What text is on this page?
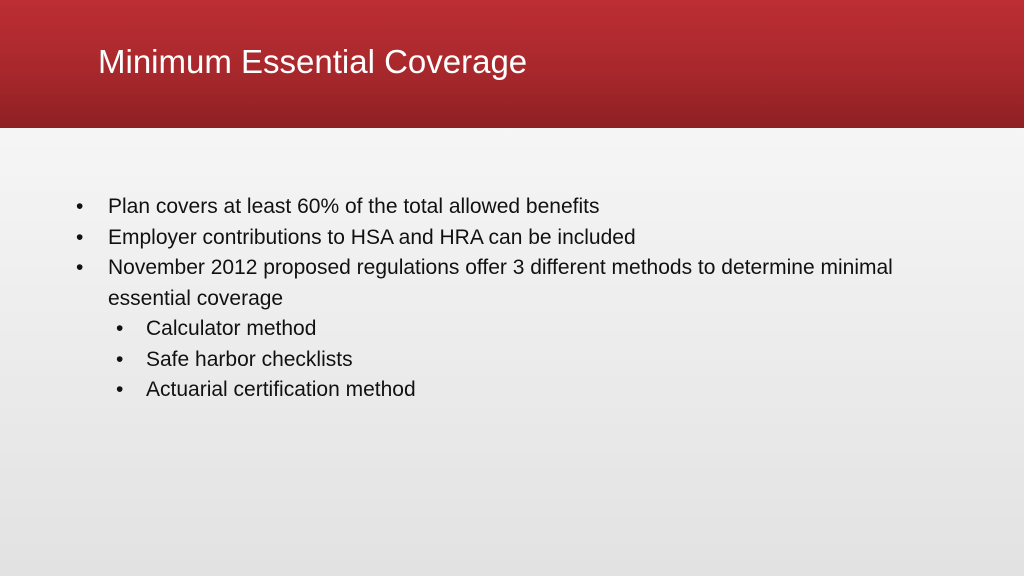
Minimum Essential Coverage
•	Plan covers at least 60% of the total allowed benefits
•	Employer contributions to HSA and HRA can be included
•	November 2012 proposed regulations offer 3 different methods to determine minimal essential coverage
•	Calculator method
•	Safe harbor checklists
•	Actuarial certification method
